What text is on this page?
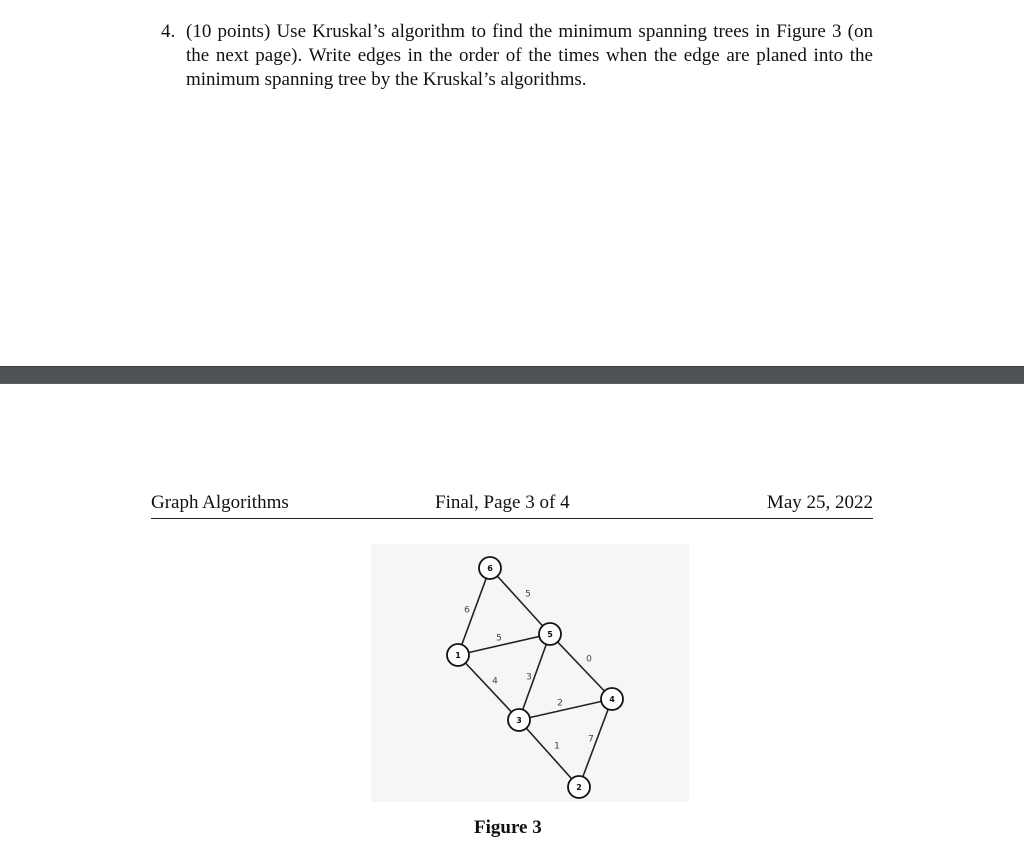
4. (10 points) Use Kruskal’s algorithm to find the minimum spanning trees in Figure 3 (on the next page). Write edges in the order of the times when the edge are planed into the minimum spanning tree by the Kruskal’s algorithms.
Graph Algorithms	Final, Page 3 of 4	May 25, 2022
6
5
5
4	3
0
2
1
7
6
5
1
3
4
2
Figure 3
